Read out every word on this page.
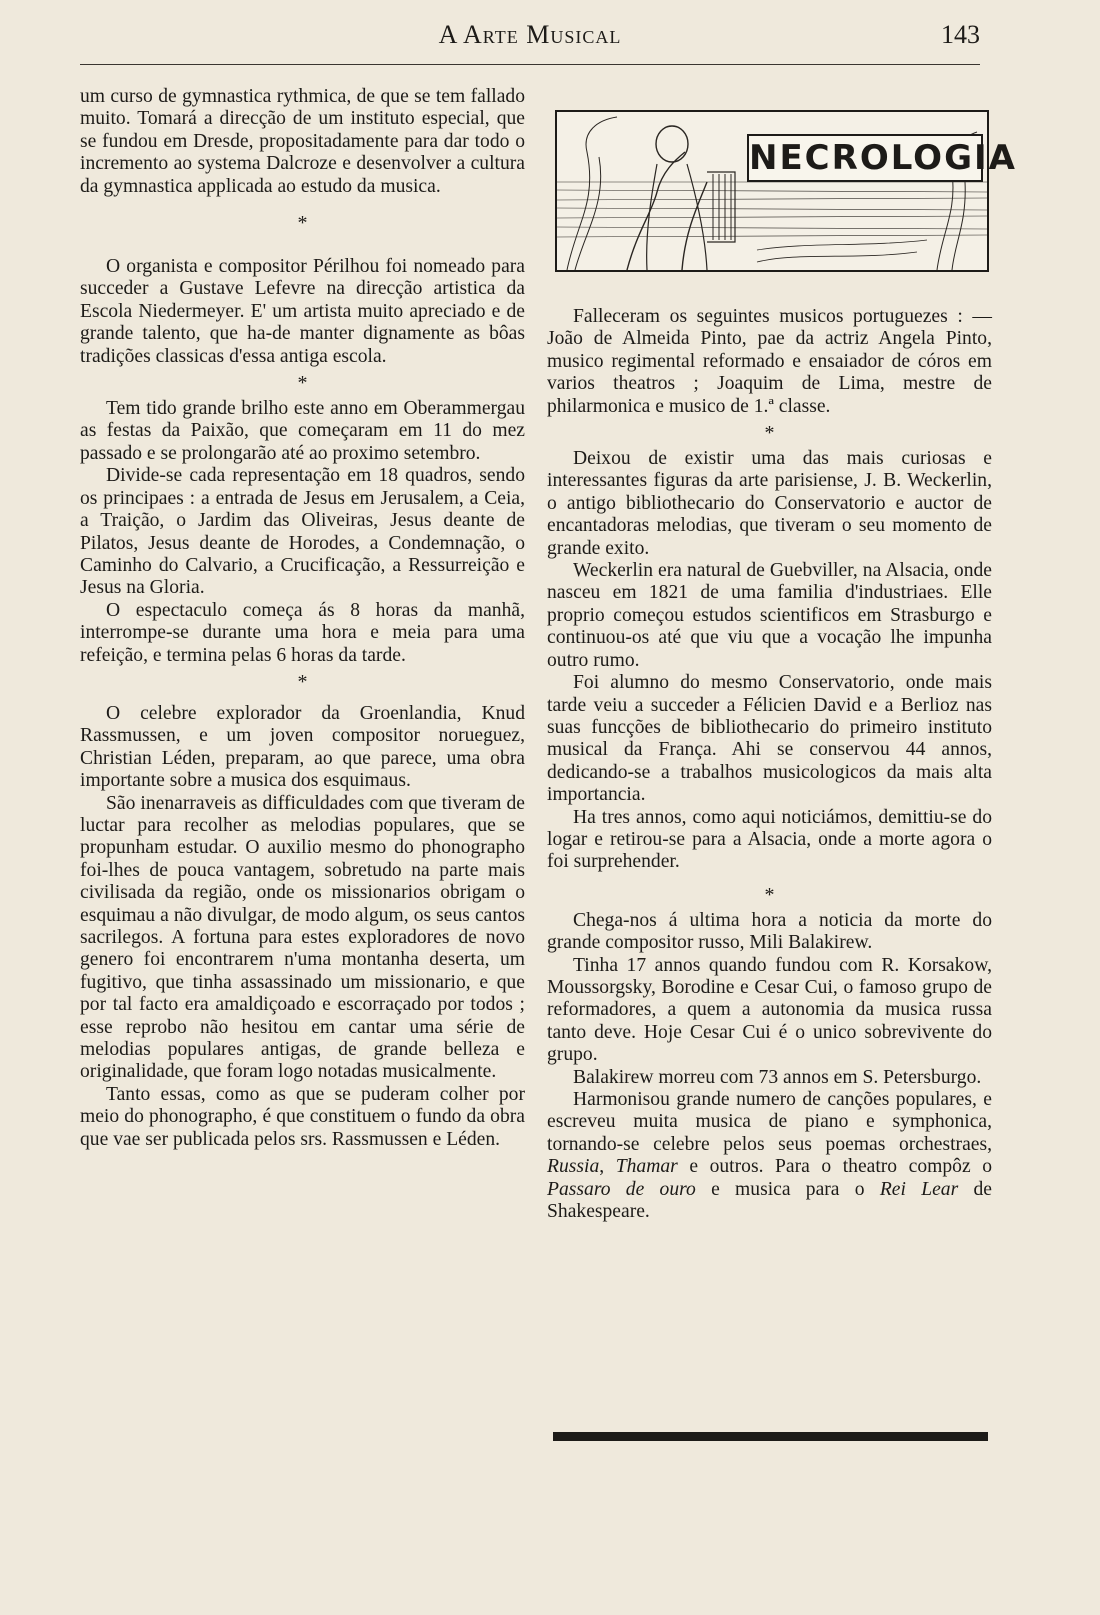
A Arte Musical	143

um curso de gymnastica rythmica, de que se tem fallado muito. Tomará a direcção de um instituto especial, que se fundou em Dresde, propositadamente para dar todo o incremento ao systema Dalcroze e desenvolver a cultura da gymnastica applicada ao estudo da musica.

*

O organista e compositor Périlhou foi nomeado para succeder a Gustave Lefevre na direcção artistica da Escola Niedermeyer. E' um artista muito apreciado e de grande talento, que ha-de manter dignamente as bôas tradições classicas d'essa antiga escola.

*

Tem tido grande brilho este anno em Oberammergau as festas da Paixão, que começaram em 11 do mez passado e se prolongarão até ao proximo setembro.

Divide-se cada representação em 18 quadros, sendo os principaes : a entrada de Jesus em Jerusalem, a Ceia, a Traição, o Jardim das Oliveiras, Jesus deante de Pilatos, Jesus deante de Horodes, a Condemnação, o Caminho do Calvario, a Crucificação, a Ressurreição e Jesus na Gloria.

O espectaculo começa ás 8 horas da manhã, interrompe-se durante uma hora e meia para uma refeição, e termina pelas 6 horas da tarde.

*

O celebre explorador da Groenlandia, Knud Rassmussen, e um joven compositor norueguez, Christian Léden, preparam, ao que parece, uma obra importante sobre a musica dos esquimaus.

São inenarraveis as difficuldades com que tiveram de luctar para recolher as melodias populares, que se propunham estudar. O auxilio mesmo do phonographo foi-lhes de pouca vantagem, sobretudo na parte mais civilisada da região, onde os missionarios obrigam o esquimau a não divulgar, de modo algum, os seus cantos sacrilegos. A fortuna para estes exploradores de novo genero foi encontrarem n'uma montanha deserta, um fugitivo, que tinha assassinado um missionario, e que por tal facto era amaldiçoado e escorraçado por todos ; esse reprobo não hesitou em cantar uma série de melodias populares antigas, de grande belleza e originalidade, que foram logo notadas musicalmente.

Tanto essas, como as que se puderam colher por meio do phonographo, é que constituem o fundo da obra que vae ser publicada pelos srs. Rassmussen e Léden.

NECROLOGIA

Falleceram os seguintes musicos portuguezes : — João de Almeida Pinto, pae da actriz Angela Pinto, musico regimental reformado e ensaiador de córos em varios theatros ; Joaquim de Lima, mestre de philarmonica e musico de 1.ª classe.

*

Deixou de existir uma das mais curiosas e interessantes figuras da arte parisiense, J. B. Weckerlin, o antigo bibliothecario do Conservatorio e auctor de encantadoras melodias, que tiveram o seu momento de grande exito.

Weckerlin era natural de Guebviller, na Alsacia, onde nasceu em 1821 de uma familia d'industriaes. Elle proprio começou estudos scientificos em Strasburgo e continuou-os até que viu que a vocação lhe impunha outro rumo.

Foi alumno do mesmo Conservatorio, onde mais tarde veiu a succeder a Félicien David e a Berlioz nas suas funcções de bibliothecario do primeiro instituto musical da França. Ahi se conservou 44 annos, dedicando-se a trabalhos musicologicos da mais alta importancia.

Ha tres annos, como aqui noticiámos, demittiu-se do logar e retirou-se para a Alsacia, onde a morte agora o foi surprehender.

*

Chega-nos á ultima hora a noticia da morte do grande compositor russo, Mili Balakirew.

Tinha 17 annos quando fundou com R. Korsakow, Moussorgsky, Borodine e Cesar Cui, o famoso grupo de reformadores, a quem a autonomia da musica russa tanto deve. Hoje Cesar Cui é o unico sobrevivente do grupo.

Balakirew morreu com 73 annos em S. Petersburgo.

Harmonisou grande numero de canções populares, e escreveu muita musica de piano e symphonica, tornando-se celebre pelos seus poemas orchestraes, Russia, Thamar e outros. Para o theatro compôz o Passaro de ouro e musica para o Rei Lear de Shakespeare.
